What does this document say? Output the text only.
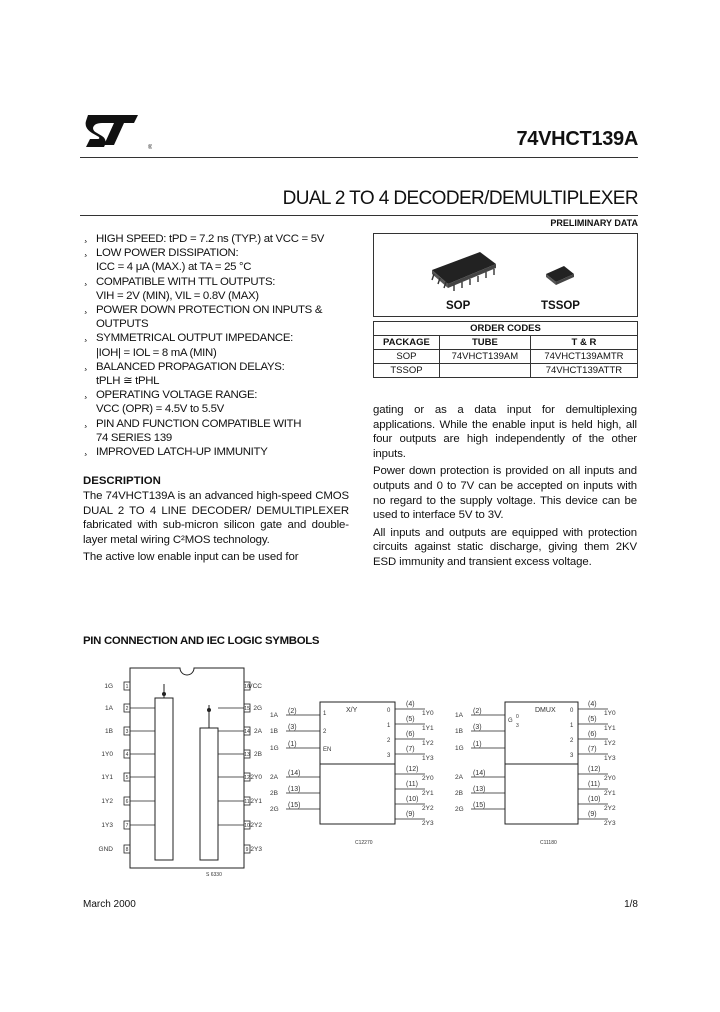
®	74VHCT139A
DUAL 2 TO 4 DECODER/DEMULTIPLEXER
PRELIMINARY DATA
¸ HIGH SPEED: tPD = 7.2 ns (TYP.) at VCC = 5V
¸ LOW POWER DISSIPATION:
ICC = 4 μA (MAX.) at TA = 25 °C
¸ COMPATIBLE WITH TTL OUTPUTS:
VIH = 2V (MIN), VIL = 0.8V (MAX)
¸ POWER DOWN PROTECTION ON INPUTS &
OUTPUTS
¸ SYMMETRICAL OUTPUT IMPEDANCE:
|IOH| = IOL = 8 mA (MIN)
¸ BALANCED PROPAGATION DELAYS:
tPLH ≅ tPHL
¸ OPERATING VOLTAGE RANGE:
VCC (OPR) = 4.5V to 5.5V
¸ PIN AND FUNCTION COMPATIBLE WITH
74 SERIES 139
¸ IMPROVED LATCH-UP IMMUNITY
SOP	TSSOP
ORDER CODES		
PACKAGE	TUBE	T & R
SOP	74VHCT139AM	74VHCT139AMTR
TSSOP		74VHCT139ATTR
DESCRIPTION

The 74VHCT139A is an advanced high-speed CMOS DUAL 2 TO 4 LINE DECODER/ DEMULTIPLEXER fabricated with sub-micron silicon gate and double-layer metal wiring C²MOS technology.

The active low enable input can be used for

gating or as a data input for demultiplexing applications. While the enable input is held high, all four outputs are high independently of the other inputs.

Power down protection is provided on all inputs and outputs and 0 to 7V can be accepted on inputs with no regard to the supply voltage. This device can be used to interface 5V to 3V.

All inputs and outputs are equipped with protection circuits against static discharge, giving them 2KV ESD immunity and transient excess voltage.

PIN CONNECTION AND IEC LOGIC SYMBOLS
S 6330
1G	1
1A	2
1B	3
1Y0	4
1Y1	5
1Y2	6
1Y3	7
GND	8
VCC
16
2G
15
2A
14
2B
13
2Y0
12
2Y1
11
2Y2
10
2Y3
9
X/Y
1
2
EN
0
1
2
3
C12270
1A
(2)
1B
(3)
1G
(1)
2A
(14)
2B
(13)
2G
(15)
(4)
1Y0
(5)
1Y1
(6)
1Y2
(7)
1Y3
(12)
2Y0
(11)
2Y1
(10)
2Y2
(9)
2Y3
DMUX
G
0
3
0
1
2
3
C11180
1A
(2)
1B
(3)
1G
(1)
2A
(14)
2B
(13)
2G
(15)
(4)
1Y0
(5)
1Y1
(6)
1Y2
(7)
1Y3
(12)
2Y0
(11)
2Y1
(10)
2Y2
(9)
2Y3
March 2000	1/8
